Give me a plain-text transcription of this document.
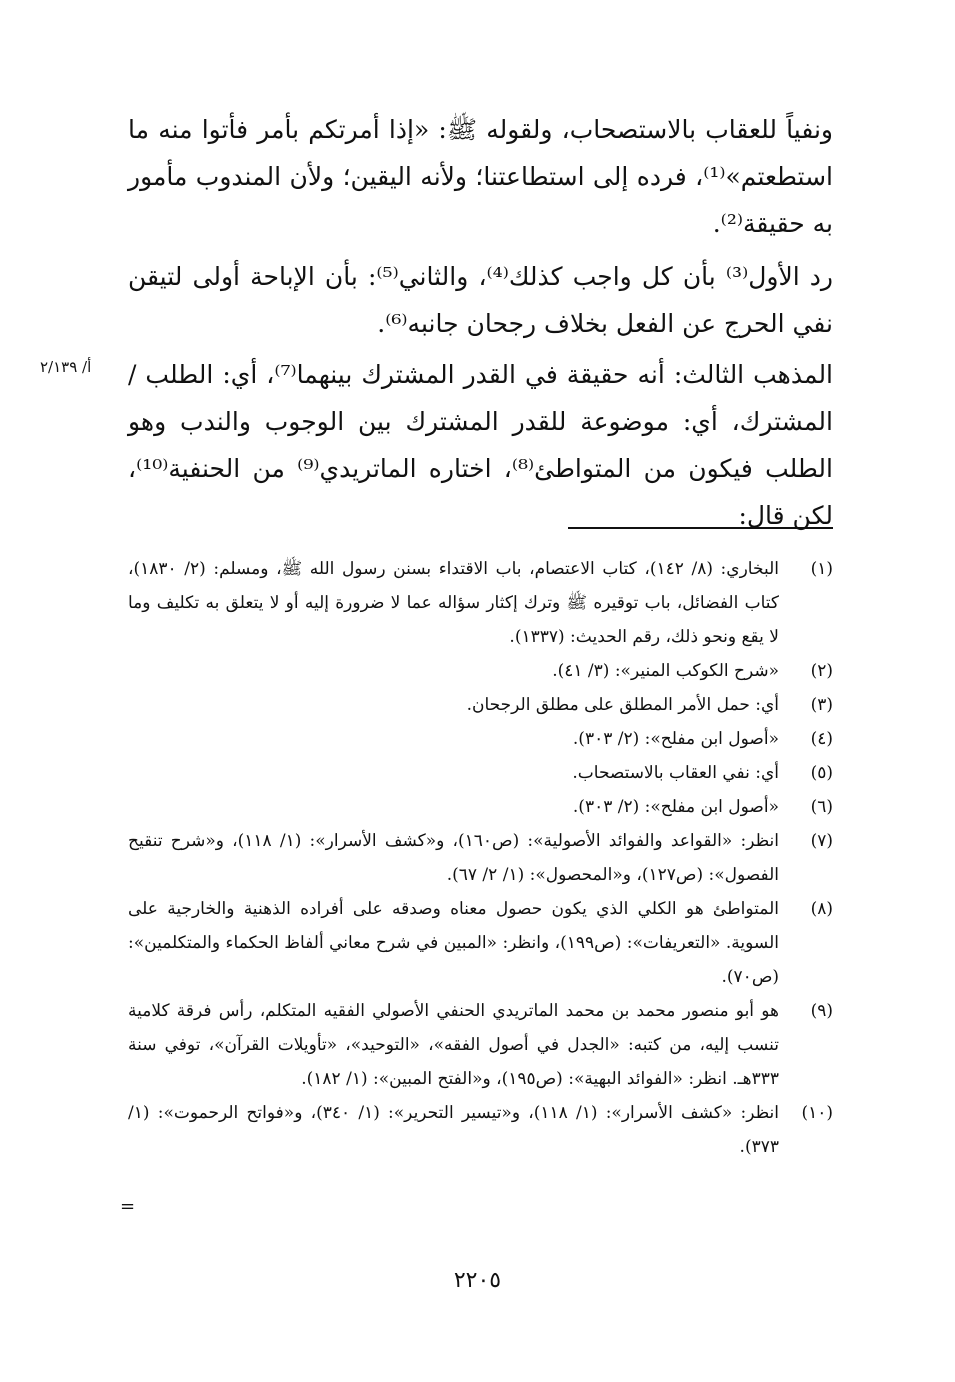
ونفياً للعقاب بالاستصحاب، ولقوله ﷺ: «إذا أمرتكم بأمر فأتوا منه ما استطعتم»⁽¹⁾، فرده إلى استطاعتنا؛ ولأنه اليقين؛ ولأن المندوب مأمور به حقيقة⁽²⁾.

رد الأول⁽³⁾ بأن كل واجب كذلك⁽⁴⁾، والثاني⁽⁵⁾: بأن الإباحة أولى لتيقن نفي الحرج عن الفعل بخلاف رجحان جانبه⁽⁶⁾.

المذهب الثالث: أنه حقيقة في القدر المشترك بينهما⁽⁷⁾، أي: الطلب / المشترك، أي: موضوعة للقدر المشترك بين الوجوب والندب وهو الطلب فيكون من المتواطئ⁽⁸⁾، اختاره الماتريدي⁽⁹⁾ من الحنفية⁽¹⁰⁾، لكن قال:

أ/ ٢/١٣٩
(١)
البخاري: (٨/ ١٤٢)، كتاب الاعتصام، باب الاقتداء بسنن رسول الله ﷺ، ومسلم: (٢/ ١٨٣٠)، كتاب الفضائل، باب توقيره ﷺ وترك إكثار سؤاله عما لا ضرورة إليه أو لا يتعلق به تكليف وما لا يقع ونحو ذلك، رقم الحديث: (١٣٣٧).
(٢)
«شرح الكوكب المنير»: (٣/ ٤١).
(٣)
أي: حمل الأمر المطلق على مطلق الرجحان.
(٤)
«أصول ابن مفلح»: (٢/ ٣٠٣).
(٥)
أي: نفي العقاب بالاستصحاب.
(٦)
«أصول ابن مفلح»: (٢/ ٣٠٣).
(٧)
انظر: «القواعد والفوائد الأصولية»: (ص١٦٠)، و«كشف الأسرار»: (١/ ١١٨)، و«شرح تنقيح الفصول»: (ص١٢٧)، و«المحصول»: (١/ ٢/ ٦٧).
(٨)
المتواطئ هو الكلي الذي يكون حصول معناه وصدقه على أفراده الذهنية والخارجية على السوية. «التعريفات»: (ص١٩٩)، وانظر: «المبين في شرح معاني ألفاظ الحكماء والمتكلمين»: (ص٧٠).
(٩)
هو أبو منصور محمد بن محمد الماتريدي الحنفي الأصولي الفقيه المتكلم، رأس فرقة كلامية تنسب إليه، من كتبه: «الجدل في أصول الفقه»، «التوحيد»، «تأويلات القرآن»، توفي سنة ٣٣٣هـ. انظر: «الفوائد البهية»: (ص١٩٥)، و«الفتح المبين»: (١/ ١٨٢).
(١٠)
انظر: «كشف الأسرار»: (١/ ١١٨)، و«تيسير التحرير»: (١/ ٣٤٠)، و«فواتح الرحموت»: (١/ ٣٧٣).
=
٢٢٠٥
